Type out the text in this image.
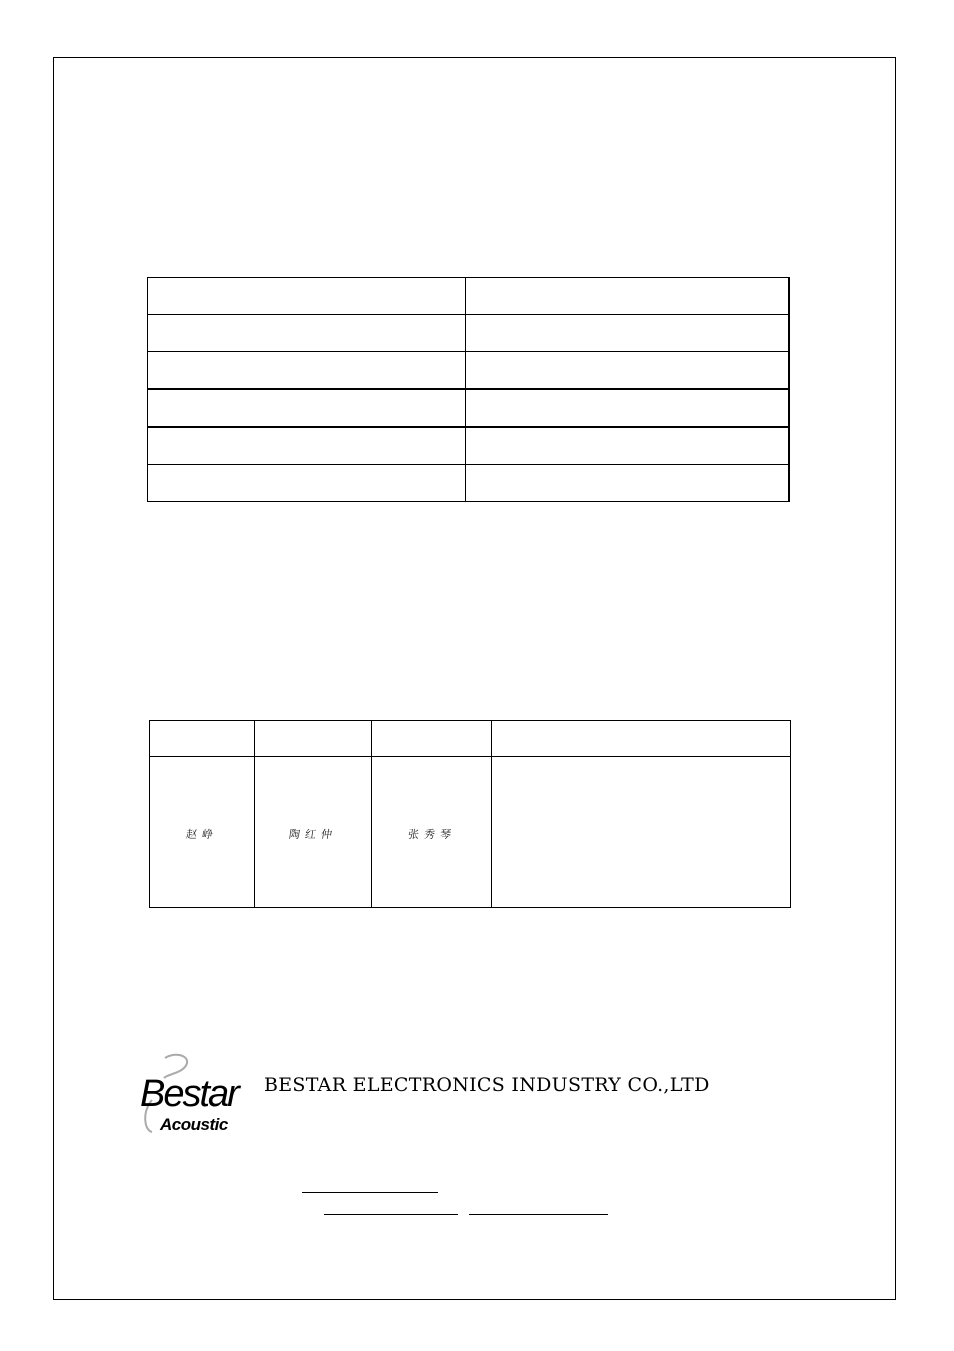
赵峥	陶红仲	张秀琴	
Bestar
Acoustic
BESTAR ELECTRONICS INDUSTRY CO.,LTD
